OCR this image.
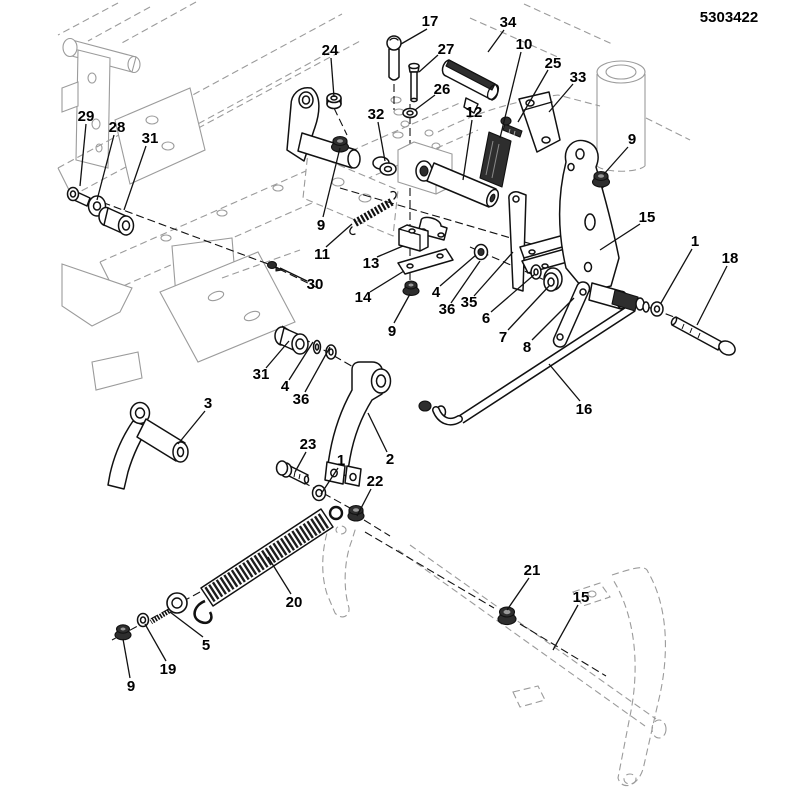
17	34
27	10
25
33
24
26
32	12
29
28
31
9
9
15
1
18
11
13
30
14
9
4
36 35
6
7
8
16
31
4
36
3
2
23
1
22
20
5
19
9
21
15
5303422
